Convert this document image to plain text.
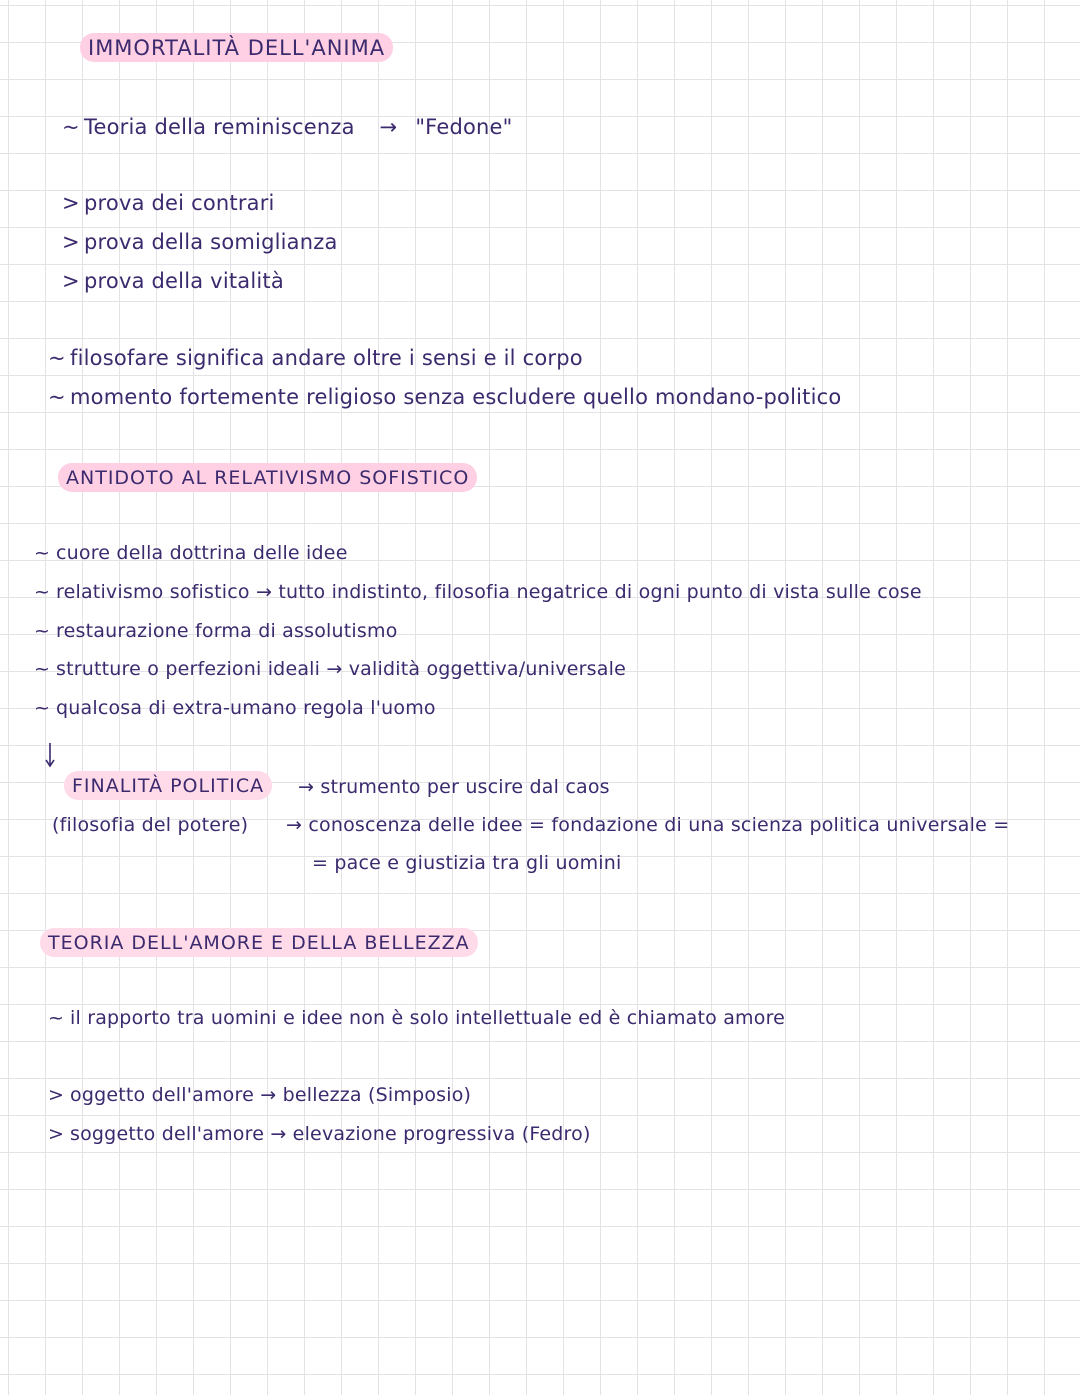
IMMORTALITÀ DELL'ANIMA
~ Teoria della reminiscenza → "Fedone"
> prova dei contrari
> prova della somiglianza
> prova della vitalità
~ filosofare significa andare oltre i sensi e il corpo
~ momento fortemente religioso senza escludere quello mondano-politico
ANTIDOTO AL RELATIVISMO SOFISTICO
~ cuore della dottrina delle idee
~ relativismo sofistico → tutto indistinto, filosofia negatrice di ogni punto di vista sulle cose
~ restaurazione forma di assolutismo
~ strutture o perfezioni ideali → validità oggettiva/universale
~ qualcosa di extra-umano regola l'uomo
FINALITÀ POLITICA
(filosofia del potere)
→ strumento per uscire dal caos
→ conoscenza delle idee = fondazione di una scienza politica universale =
= pace e giustizia tra gli uomini
TEORIA DELL'AMORE E DELLA BELLEZZA
~ il rapporto tra uomini e idee non è solo intellettuale ed è chiamato amore
> oggetto dell'amore → bellezza (Simposio)
> soggetto dell'amore → elevazione progressiva (Fedro)
